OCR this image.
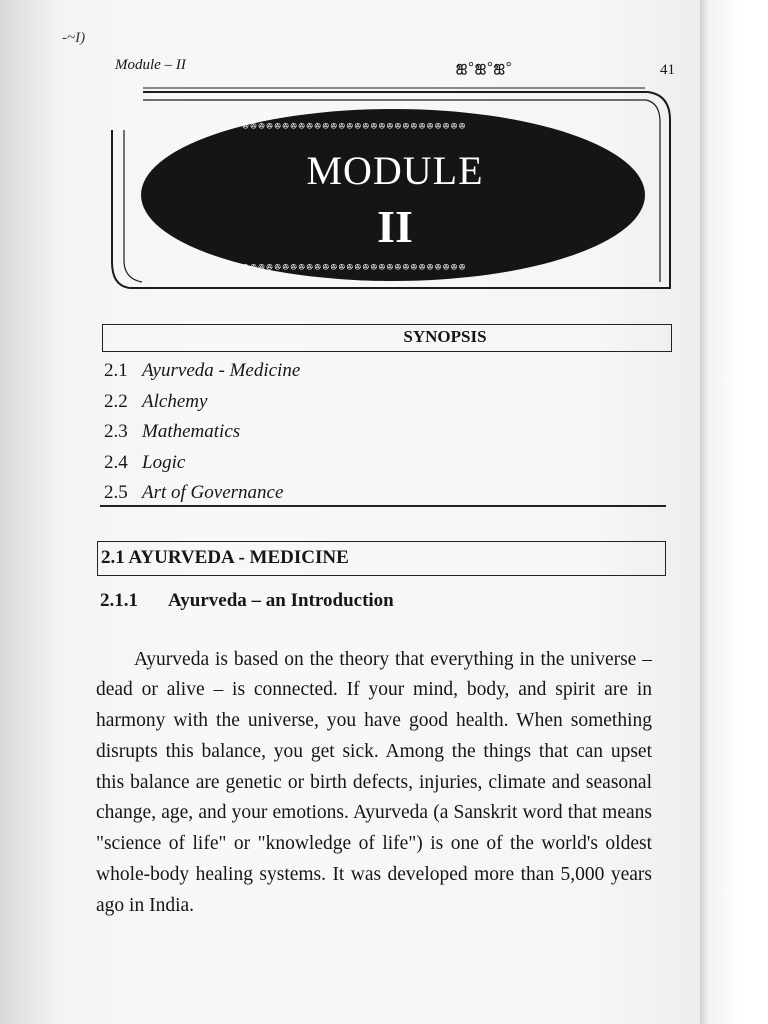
-~I)
Module – II	ஐ°ஐ°ஐ°	41
ꔮꔮꔮꔮꔮꔮꔮꔮꔮꔮꔮꔮꔮꔮꔮꔮꔮꔮꔮꔮꔮꔮꔮꔮꔮꔮꔮꔮ
ꔮꔮꔮꔮꔮꔮꔮꔮꔮꔮꔮꔮꔮꔮꔮꔮꔮꔮꔮꔮꔮꔮꔮꔮꔮꔮꔮꔮ
MODULE
II
SYNOPSIS
2.1 Ayurveda - Medicine
2.2 Alchemy
2.3 Mathematics
2.4 Logic
2.5 Art of Governance
2.1 AYURVEDA - MEDICINE
2.1.1 Ayurveda – an Introduction

Ayurveda is based on the theory that everything in the universe – dead or alive – is connected. If your mind, body, and spirit are in harmony with the universe, you have good health. When something disrupts this balance, you get sick. Among the things that can upset this balance are genetic or birth defects, injuries, climate and seasonal change, age, and your emotions. Ayurveda (a Sanskrit word that means "science of life" or "knowledge of life") is one of the world's oldest whole-body healing systems. It was developed more than 5,000 years ago in India.
